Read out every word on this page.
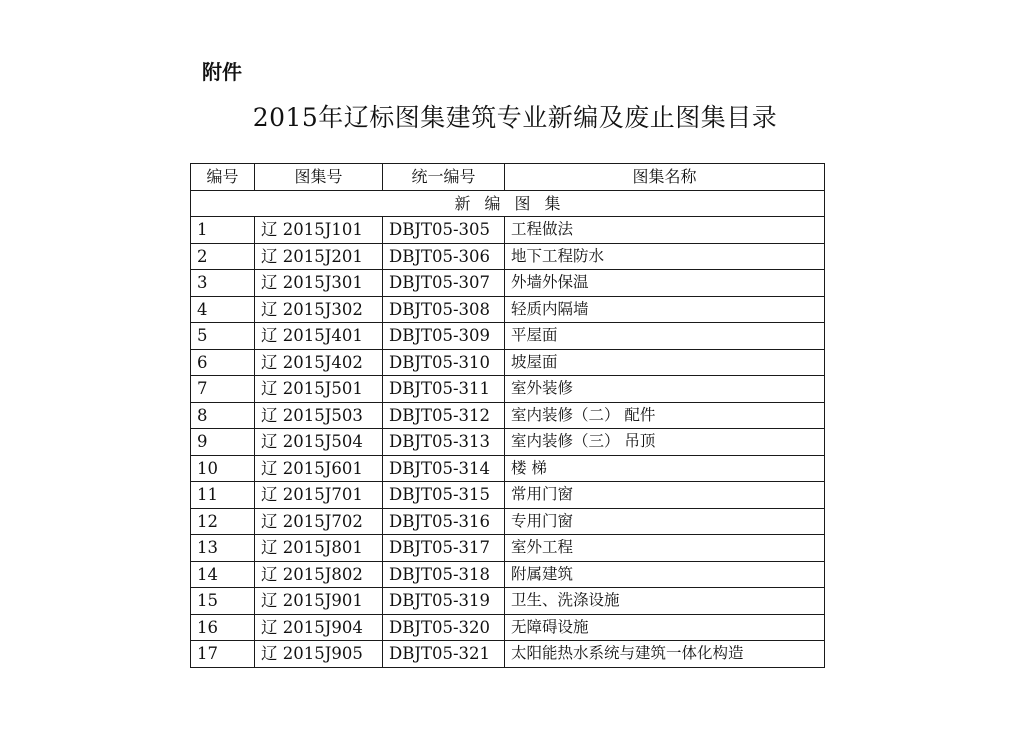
附件
2015年辽标图集建筑专业新编及废止图集目录
编号	图集号	统一编号	图集名称
新编图集			
1	辽 2015J101	DBJT05-305	工程做法
2	辽 2015J201	DBJT05-306	地下工程防水
3	辽 2015J301	DBJT05-307	外墙外保温
4	辽 2015J302	DBJT05-308	轻质内隔墙
5	辽 2015J401	DBJT05-309	平屋面
6	辽 2015J402	DBJT05-310	坡屋面
7	辽 2015J501	DBJT05-311	室外装修
8	辽 2015J503	DBJT05-312	室内装修（二） 配件
9	辽 2015J504	DBJT05-313	室内装修（三） 吊顶
10	辽 2015J601	DBJT05-314	楼 梯
11	辽 2015J701	DBJT05-315	常用门窗
12	辽 2015J702	DBJT05-316	专用门窗
13	辽 2015J801	DBJT05-317	室外工程
14	辽 2015J802	DBJT05-318	附属建筑
15	辽 2015J901	DBJT05-319	卫生、洗涤设施
16	辽 2015J904	DBJT05-320	无障碍设施
17	辽 2015J905	DBJT05-321	太阳能热水系统与建筑一体化构造
